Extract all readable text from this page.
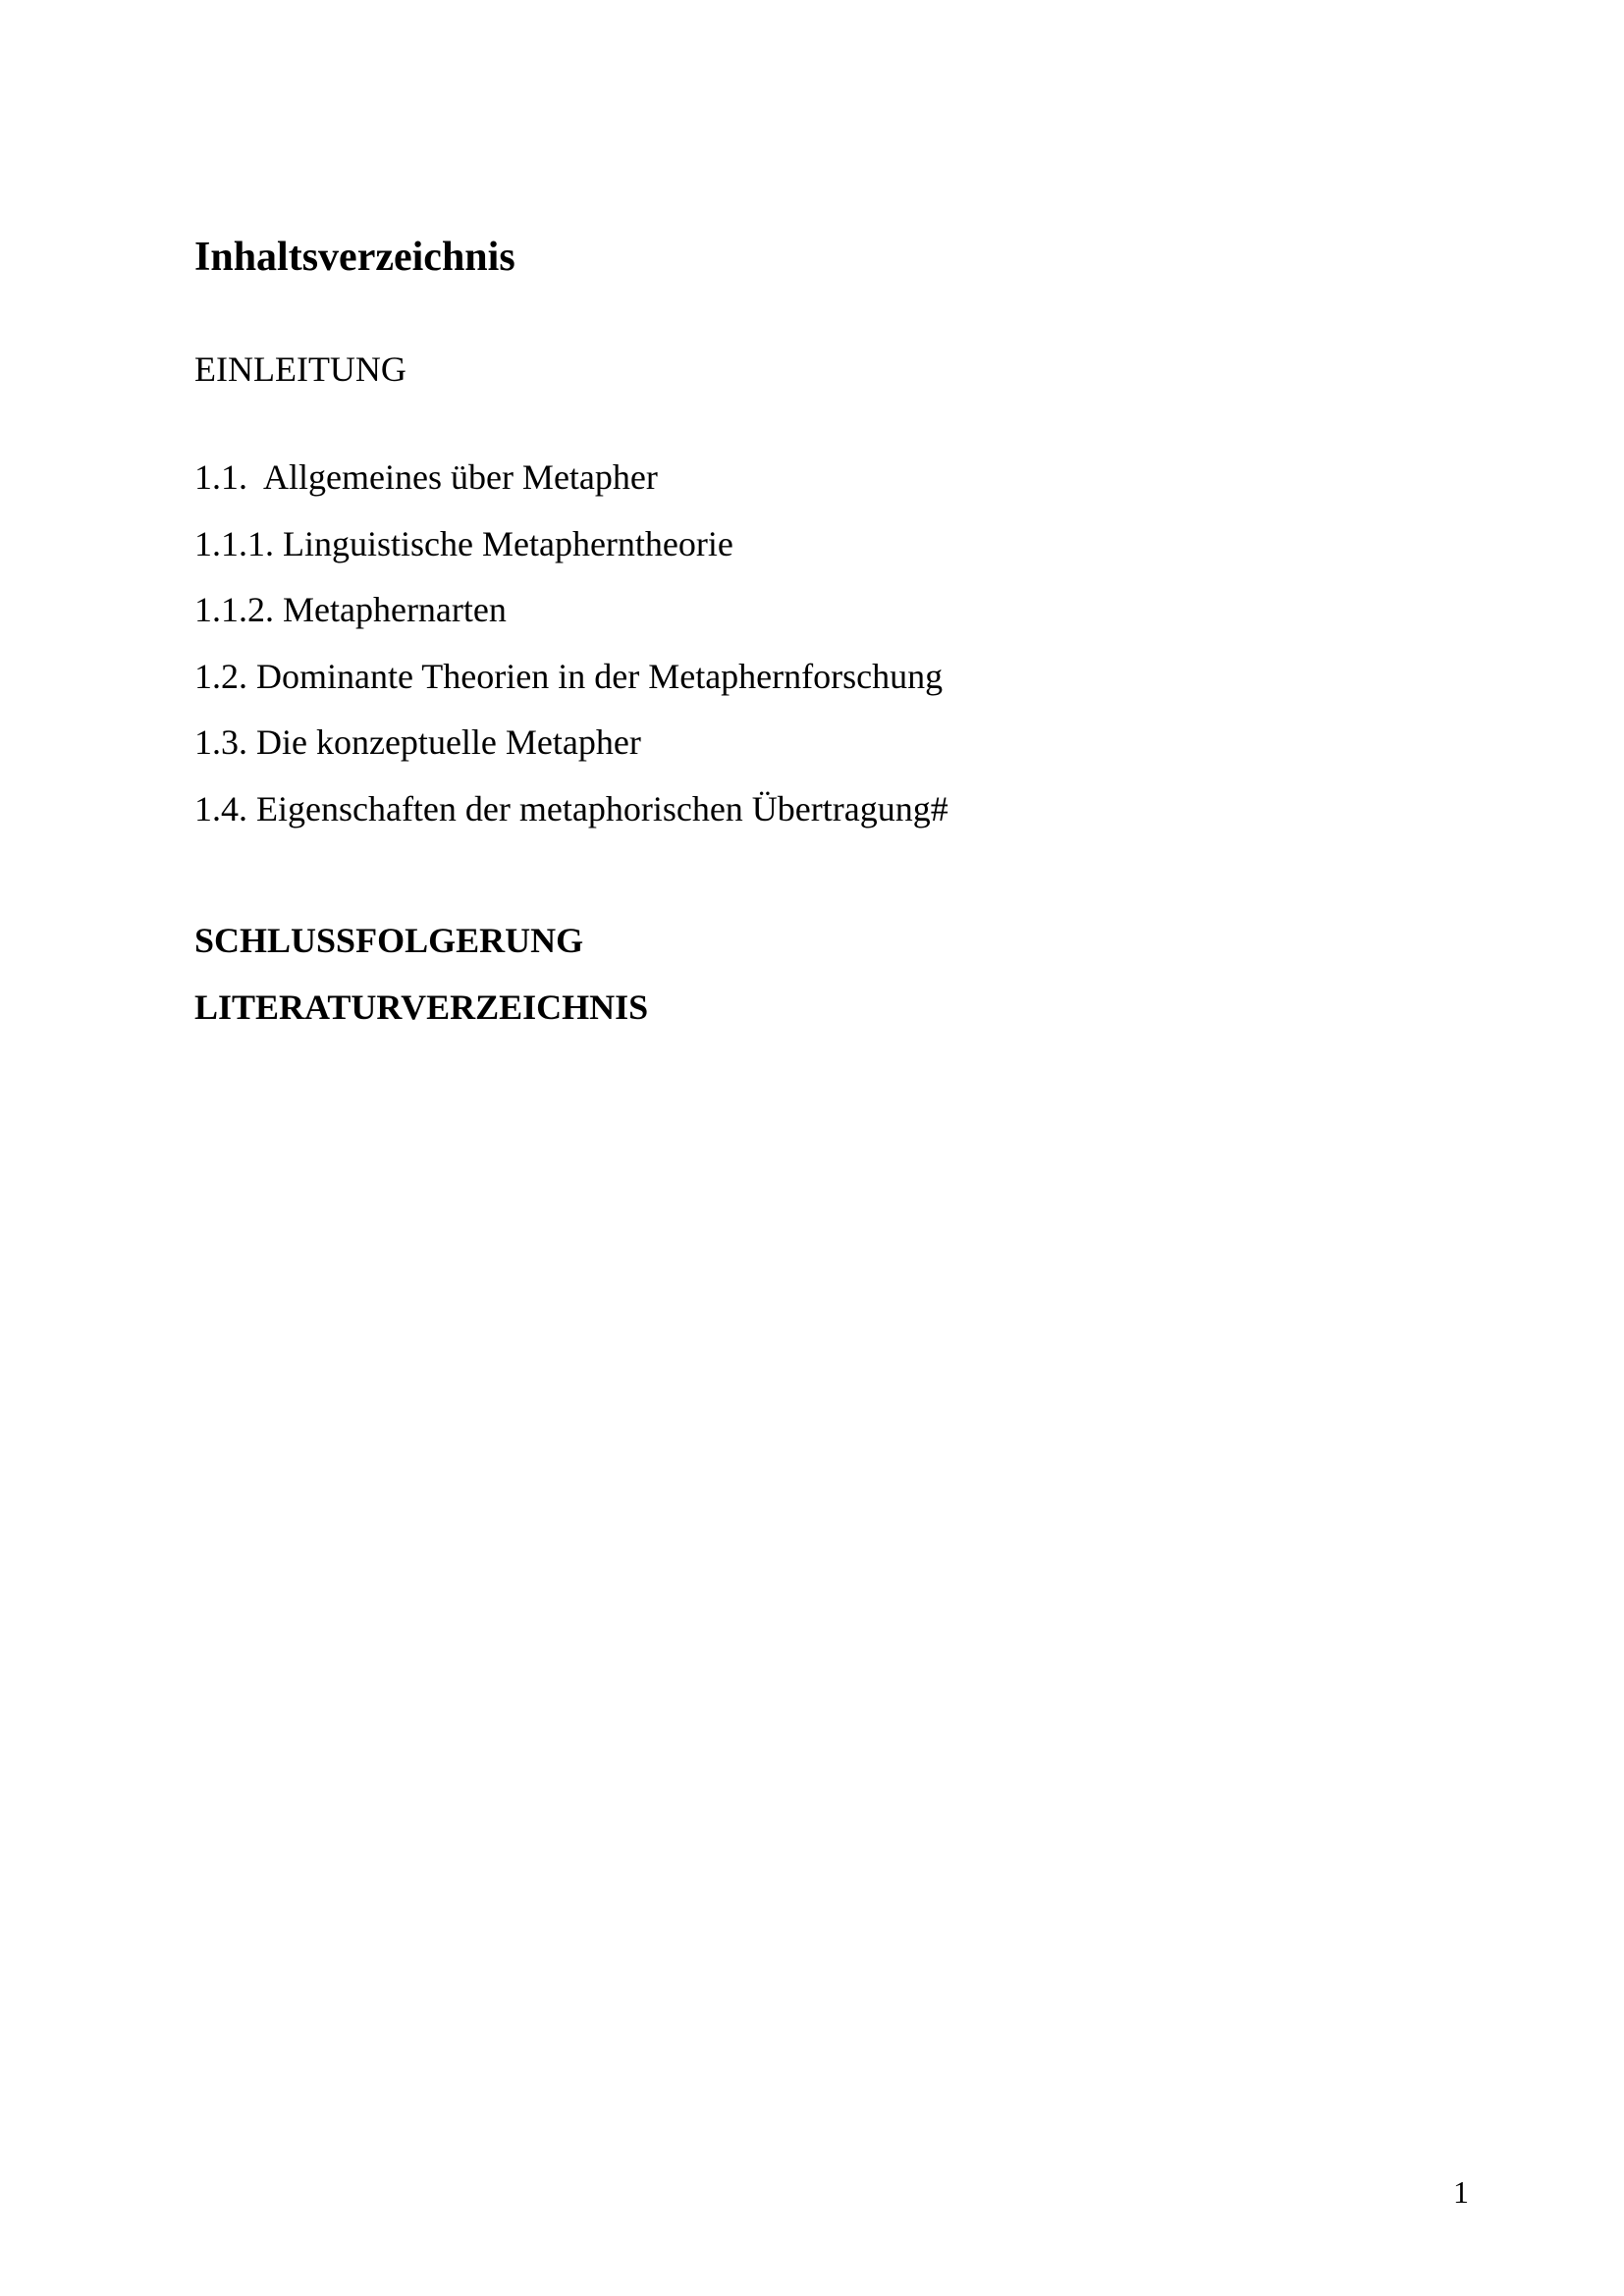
Inhaltsverzeichnis
EINLEITUNG
1.1.  Allgemeines über Metapher
1.1.1. Linguistische Metapherntheorie
1.1.2. Metaphernarten
1.2. Dominante Theorien in der Metaphernforschung
1.3. Die konzeptuelle Metapher
1.4. Eigenschaften der metaphorischen Übertragung#
SCHLUSSFOLGERUNG
LITERATURVERZEICHNIS
1
